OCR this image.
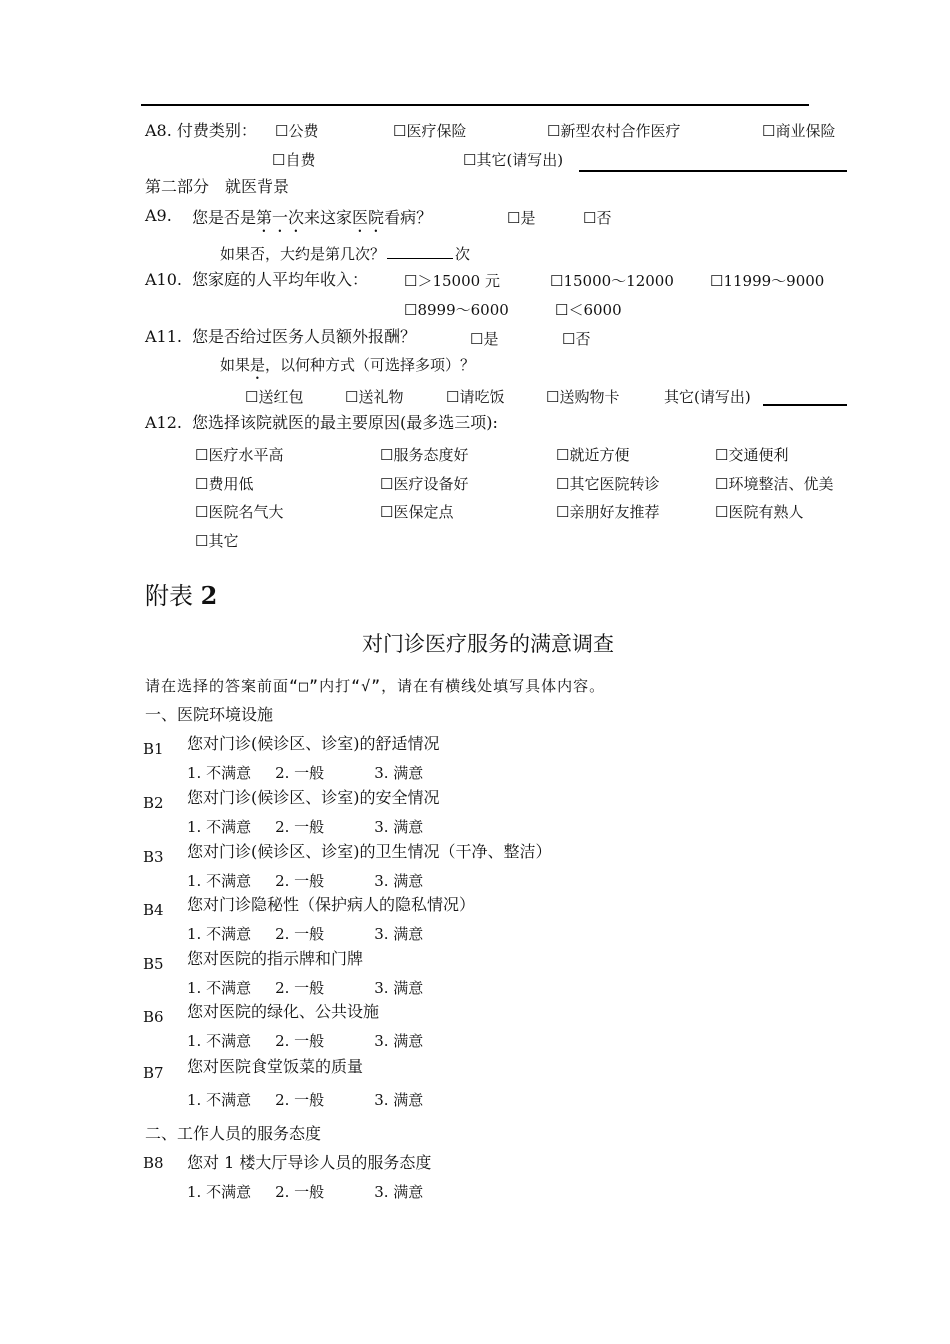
A8. 付费类别：	☐ 公费	☐ 医疗保险	☐ 新型农村合作医疗	☐ 商业保险
☐ 自费	☐ 其它(请写出)
第二部分　就医背景
A9. 您是否是第一次来这家医院看病？	☐ 是	☐ 否
如果否，大约是第几次？	次
A10. 您家庭的人平均年收入：	☐ ＞15000 元	☐ 15000～12000	☐ 11999～9000
☐ 8999～6000	☐ ＜6000
A11. 您是否给过医务人员额外报酬？	☐ 是	☐ 否
如果是，以何种方式（可选择多项）？
☐ 送红包	☐ 送礼物	☐ 请吃饭	☐ 送购物卡	其它(请写出)
A12. 您选择该院就医的最主要原因(最多选三项):
☐ 医疗水平高	☐ 服务态度好	☐ 就近方便	☐ 交通便利
☐ 费用低	☐ 医疗设备好	☐ 其它医院转诊	☐ 环境整洁、优美
☐ 医院名气大	☐ 医保定点	☐ 亲朋好友推荐	☐ 医院有熟人
☐ 其它
附表 2
对门诊医疗服务的满意调查
请在选择的答案前面“□”内打“√”，请在有横线处填写具体内容。
一、医院环境设施
B1 您对门诊(候诊区、诊室)的舒适情况
1. 不满意 2. 一般	3. 满意
B2 您对门诊(候诊区、诊室)的安全情况
1. 不满意 2. 一般	3. 满意
B3 您对门诊(候诊区、诊室)的卫生情况（干净、整洁）
1. 不满意 2. 一般	3. 满意
B4 您对门诊隐秘性（保护病人的隐私情况）
1. 不满意 2. 一般	3. 满意
B5 您对医院的指示牌和门牌
1. 不满意 2. 一般	3. 满意
B6 您对医院的绿化、公共设施
1. 不满意 2. 一般	3. 满意
B7 您对医院食堂饭菜的质量
1. 不满意 2. 一般	3. 满意
二、工作人员的服务态度
B8 您对 1 楼大厅导诊人员的服务态度
1. 不满意 2. 一般	3. 满意
